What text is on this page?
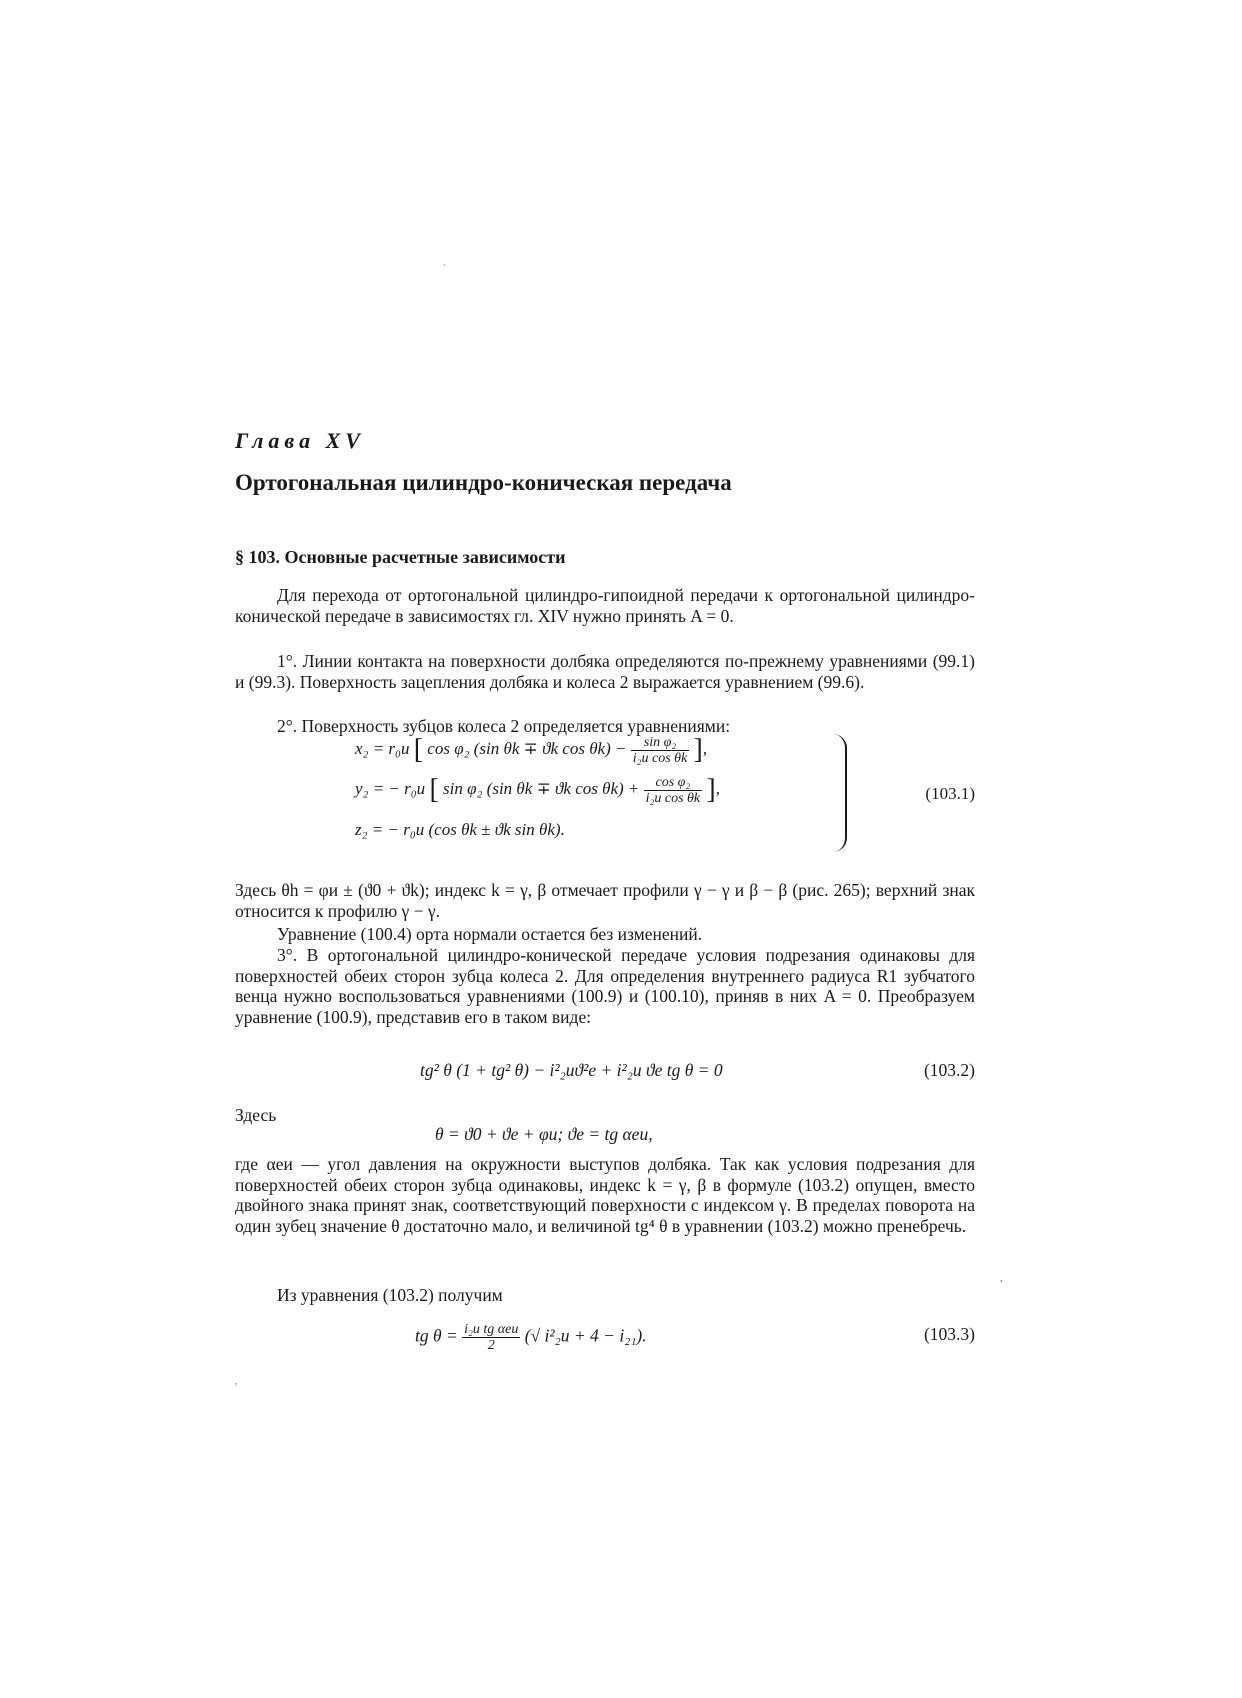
Глава XV
Ортогональная цилиндро-коническая передача
§ 103. Основные расчетные зависимости

Для перехода от ортогональной цилиндро-гипоидной передачи к ортогональной цилиндро-конической передаче в зависимостях гл. XIV нужно принять A = 0.

1°. Линии контакта на поверхности долбяка определяются по-прежнему уравнениями (99.1) и (99.3). Поверхность зацепления долбяка и колеса 2 выражается уравнением (99.6).

2°. Поверхность зубцов колеса 2 определяется уравнениями:

x₂ = r₀и [ cos φ₂ (sin θk ∓ ϑk $\cos \theta k) - \frac{\text{sin φ₂}}{\text{i₂и cos θk}}$ ],
y₂ = − r₀и [ sin φ₂ (sin θk ∓ ϑk $\cos \theta k) + \frac{\text{cos φ₂}}{\text{i₂и cos θk}}$ ],
z₂ = − r₀и (cos θk ± ϑk sin θk).
(103.1)

Здесь θh = φи ± (ϑ0 + ϑk); индекс k = γ, β отмечает профили γ − γ и β − β (рис. 265); верхний знак относится к профилю γ − γ.

Уравнение (100.4) орта нормали остается без изменений.

3°. В ортогональной цилиндро-конической передаче условия подрезания одинаковы для поверхностей обеих сторон зубца колеса 2. Для определения внутреннего радиуса R1 зубчатого венца нужно воспользоваться уравнениями (100.9) и (100.10), приняв в них A = 0. Преобразуем уравнение (100.9), представив его в таком виде:

tg² θ (1 + tg² θ) − i²₂иϑ²e + i²₂и ϑe tg θ = 0	(103.2)

Здесь

θ = ϑ0 + ϑe + φи; ϑe = tg αеи,

где αеи — угол давления на окружности выступов долбяка. Так как условия подрезания для поверхностей обеих сторон зубца одинаковы, индекс k = γ, β в формуле (103.2) опущен, вместо двойного знака принят знак, соответствующий поверхности с индексом γ. В пределах поворота на один зубец значение θ достаточно мало, и величиной tg⁴ θ в уравнении (103.2) можно пренебречь.

Из уравнения (103.2) получим

tg $\theta = \frac{\text{i₂и tg αеи}}{2}$ (√ i²₂и + 4 − i₂₁).	(103.3)
`
,
'
